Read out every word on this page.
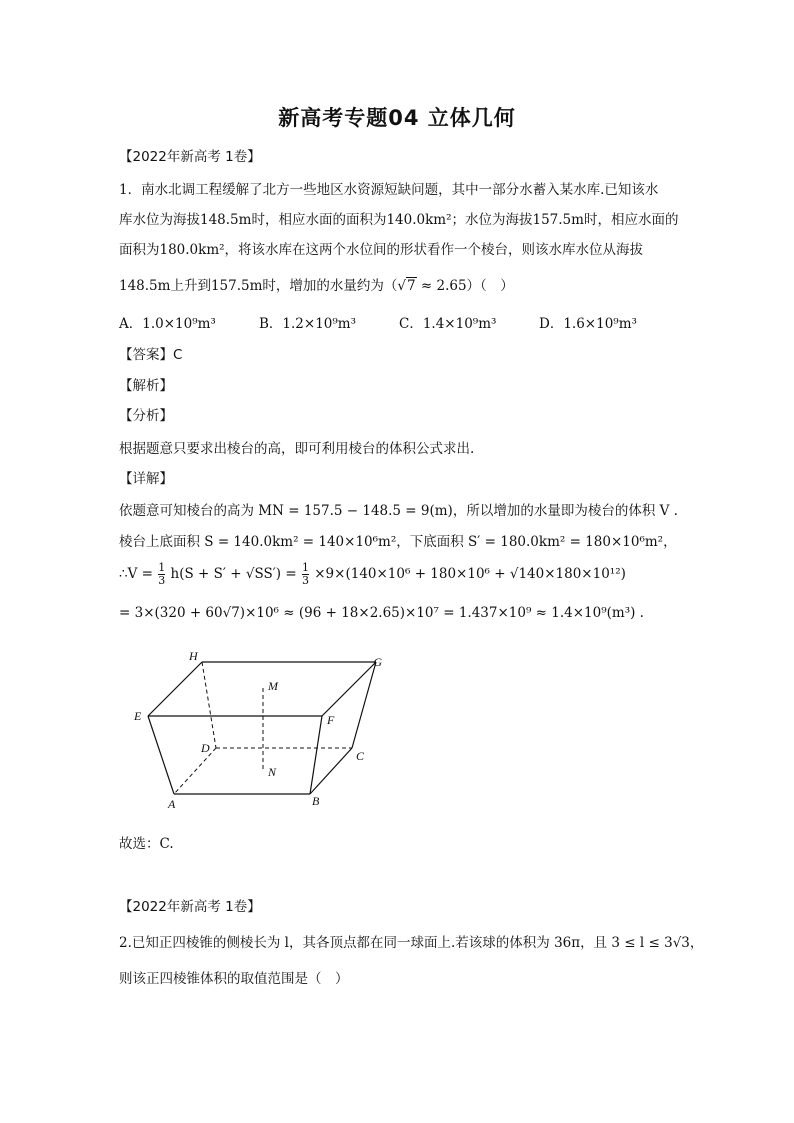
新高考专题04 立体几何
【2022年新高考 1卷】
1．南水北调工程缓解了北方一些地区水资源短缺问题，其中一部分水蓄入某水库.已知该水
库水位为海拔148.5m时，相应水面的面积为140.0km²；水位为海拔157.5m时，相应水面的
面积为180.0km²，将该水库在这两个水位间的形状看作一个棱台，则该水库水位从海拔
148.5m上升到157.5m时，增加的水量约为（√7 ≈ 2.65）（　）
A．1.0×10⁹m³	B．1.2×10⁹m³	C．1.4×10⁹m³	D．1.6×10⁹m³
【答案】C
【解析】
【分析】
根据题意只要求出棱台的高，即可利用棱台的体积公式求出.
【详解】
依题意可知棱台的高为 MN = 157.5 − 148.5 = 9(m)，所以增加的水量即为棱台的体积 V .
棱台上底面积 S = 140.0km² = 140×10⁶m²，下底面积 S′ = 180.0km² = 180×10⁶m²，
∴V = $\frac{1}{3} h(S + S' + √SS') = \frac{1}{3} \times 9\times(140\times 10^6 + 180\times 10^6 + √140\times 180\times 10^{12})$
= 3×(320 + 60√7)×10⁶ ≈ (96 + 18×2.65)×10⁷ = 1.437×10⁹ ≈ 1.4×10⁹(m³) .
H	G
M
E	F
D
C
N
A	B
故选：C.
【2022年新高考 1卷】
2.已知正四棱锥的侧棱长为 l，其各顶点都在同一球面上.若该球的体积为 36π，且 3 ≤ l ≤ 3√3，
则该正四棱锥体积的取值范围是（　）
